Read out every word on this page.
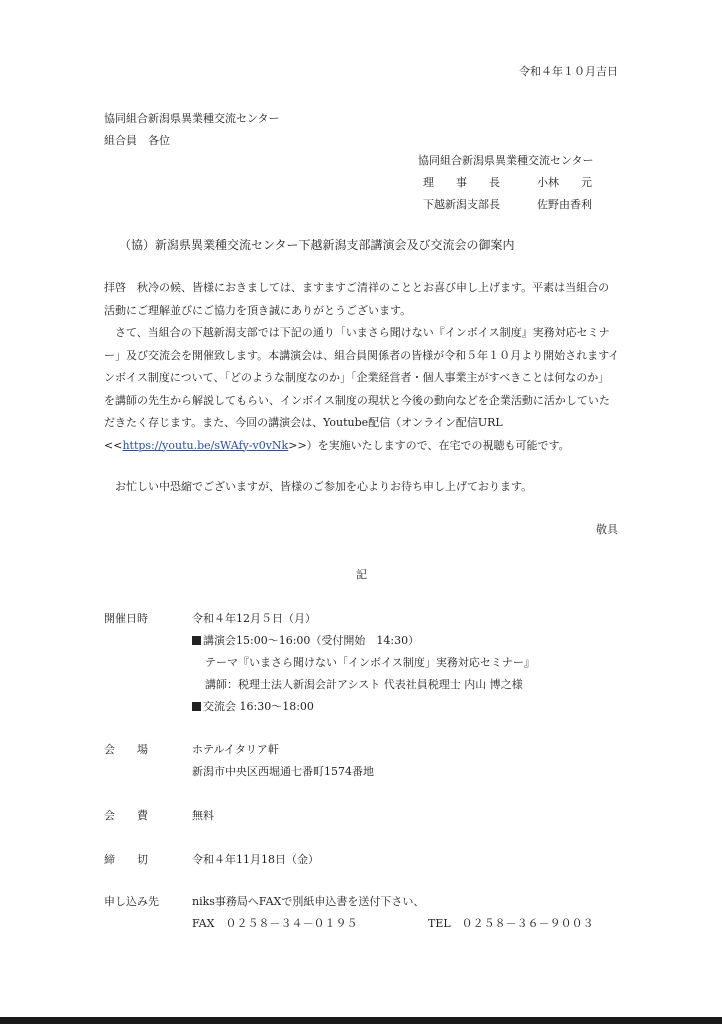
令和４年１０月吉日
協同組合新潟県異業種交流センター
組合員　各位
協同組合新潟県異業種交流センター
理　　事　　長	小林　　元
下越新潟支部長	佐野由香利
（協）新潟県異業種交流センター下越新潟支部講演会及び交流会の御案内
拝啓　秋冷の候、皆様におきましては、ますますご清祥のこととお喜び申し上げます。平素は当組合の活動にご理解並びにご協力を頂き誠にありがとうございます。
　さて、当組合の下越新潟支部では下記の通り「いまさら聞けない『インボイス制度』実務対応セミナー」及び交流会を開催致します。本講演会は、組合員関係者の皆様が令和５年１０月より開始されますインボイス制度について、「どのような制度なのか」「企業経営者・個人事業主がすべきことは何なのか」を講師の先生から解説してもらい、インボイス制度の現状と今後の動向などを企業活動に活かしていただきたく存じます。また、今回の講演会は、Youtube配信（オンライン配信URL <<https://youtu.be/sWAfy-v0vNk>>）を実施いたしますので、在宅での視聴も可能です。
　お忙しい中恐縮でございますが、皆様のご参加を心よりお待ち申し上げております。
敬具
記
開催日時	令和４年12月５日（月）
講演会15:00～16:00（受付開始　14:30）
テーマ『いまさら聞けない「インボイス制度」実務対応セミナー』
講師：税理士法人新潟会計アシスト 代表社員税理士 内山 博之様
交流会 16:30～18:00
会　　場	ホテルイタリア軒
新潟市中央区西堀通七番町1574番地
会　　費	無料
締　　切	令和４年11月18日（金）
申し込み先	niks事務局へFAXで別紙申込書を送付下さい、
FAX　０２５８－３４－０１９５	TEL　０２５８－３６－９００３
